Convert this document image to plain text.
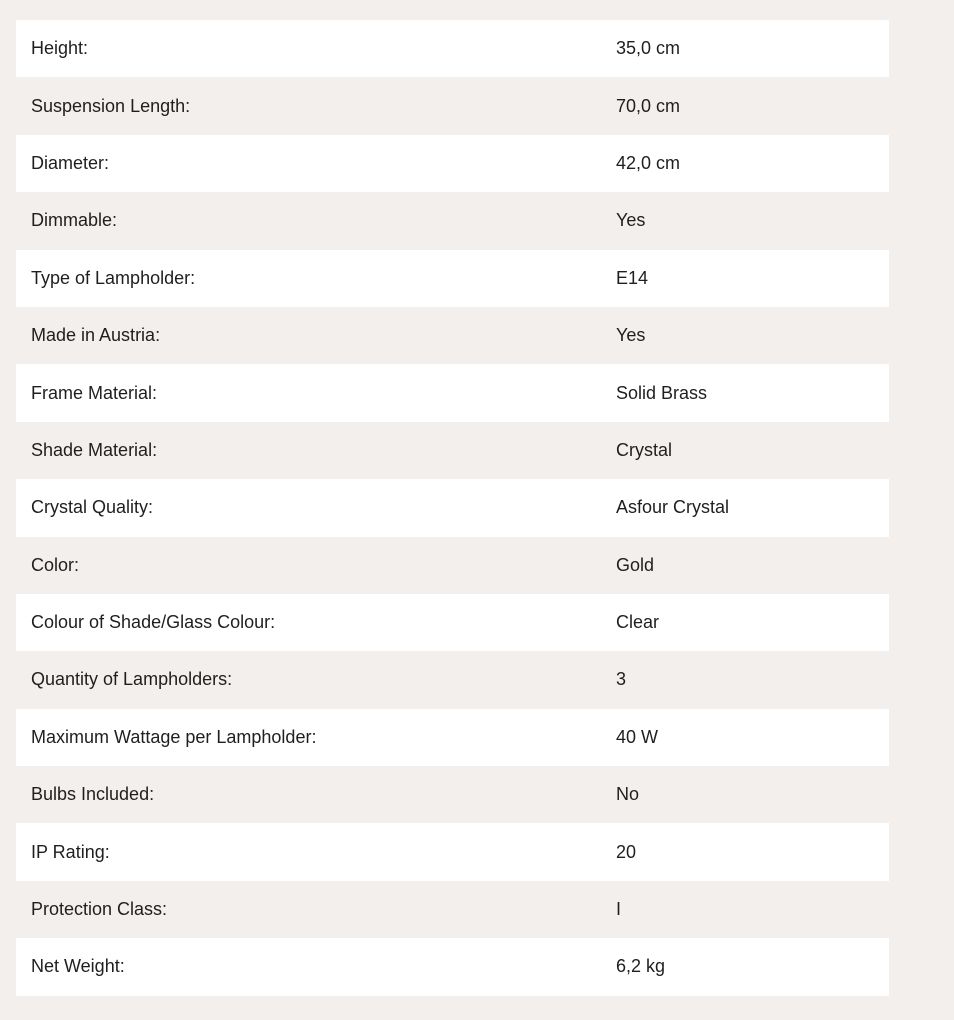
Height:	35,0 cm
Suspension Length:	70,0 cm
Diameter:	42,0 cm
Dimmable:	Yes
Type of Lampholder:	E14
Made in Austria:	Yes
Frame Material:	Solid Brass
Shade Material:	Crystal
Crystal Quality:	Asfour Crystal
Color:	Gold
Colour of Shade/Glass Colour:	Clear
Quantity of Lampholders:	3
Maximum Wattage per Lampholder:	40 W
Bulbs Included:	No
IP Rating:	20
Protection Class:	I
Net Weight:	6,2 kg
